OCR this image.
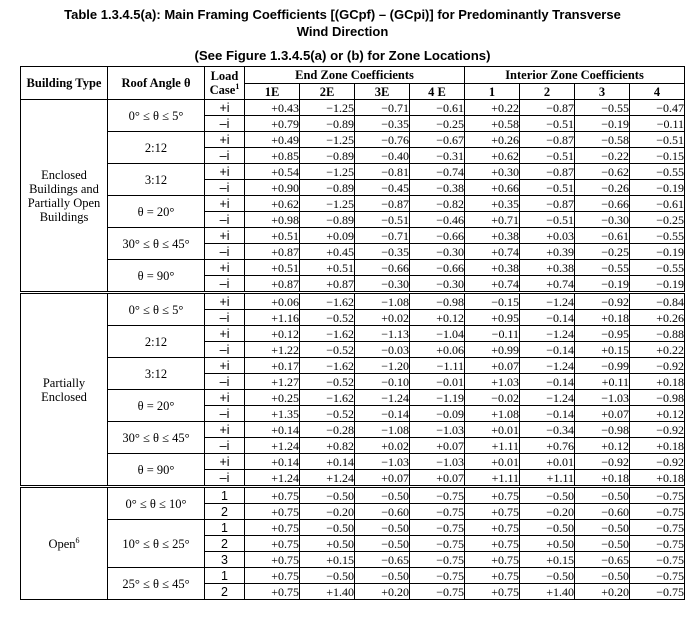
Table 1.3.4.5(a): Main Framing Coefficients [(GCpf) – (GCpi)] for Predominantly Transverse
Wind Direction
(See Figure 1.3.4.5(a) or (b) for Zone Locations)
Building Type	Roof Angle θ	Load Case$^1$	End Zone Coefficients				Interior Zone Coefficients			
			1E	2E	3E	4 E	1	2	3	4
Enclosed Buildings and Partially Open Buildings	0° ≤ θ ≤ 5°	+i	+0.43	−1.25	−0.71	−0.61	+0.22	−0.87	−0.55	−0.47
		–i	+0.79	−0.89	−0.35	−0.25	+0.58	−0.51	−0.19	−0.11
	2:12	+i	+0.49	−1.25	−0.76	−0.67	+0.26	−0.87	−0.58	−0.51
		–i	+0.85	−0.89	−0.40	−0.31	+0.62	−0.51	−0.22	−0.15
	3:12	+i	+0.54	−1.25	−0.81	−0.74	+0.30	−0.87	−0.62	−0.55
		–i	+0.90	−0.89	−0.45	−0.38	+0.66	−0.51	−0.26	−0.19
	θ = 20°	+i	+0.62	−1.25	−0.87	−0.82	+0.35	−0.87	−0.66	−0.61
		–i	+0.98	−0.89	−0.51	−0.46	+0.71	−0.51	−0.30	−0.25
	30° ≤ θ ≤ 45°	+i	+0.51	+0.09	−0.71	−0.66	+0.38	+0.03	−0.61	−0.55
		–i	+0.87	+0.45	−0.35	−0.30	+0.74	+0.39	−0.25	−0.19
	θ = 90°	+i	+0.51	+0.51	−0.66	−0.66	+0.38	+0.38	−0.55	−0.55
		–i	+0.87	+0.87	−0.30	−0.30	+0.74	+0.74	−0.19	−0.19
Partially Enclosed	0° ≤ θ ≤ 5°	+i	+0.06	−1.62	−1.08	−0.98	−0.15	−1.24	−0.92	−0.84
		–i	+1.16	−0.52	+0.02	+0.12	+0.95	−0.14	+0.18	+0.26
	2:12	+i	+0.12	−1.62	−1.13	−1.04	−0.11	−1.24	−0.95	−0.88
		–i	+1.22	−0.52	−0.03	+0.06	+0.99	−0.14	+0.15	+0.22
	3:12	+i	+0.17	−1.62	−1.20	−1.11	+0.07	−1.24	−0.99	−0.92
		–i	+1.27	−0.52	−0.10	−0.01	+1.03	−0.14	+0.11	+0.18
	θ = 20°	+i	+0.25	−1.62	−1.24	−1.19	−0.02	−1.24	−1.03	−0.98
		–i	+1.35	−0.52	−0.14	−0.09	+1.08	−0.14	+0.07	+0.12
	30° ≤ θ ≤ 45°	+i	+0.14	−0.28	−1.08	−1.03	+0.01	−0.34	−0.98	−0.92
		–i	+1.24	+0.82	+0.02	+0.07	+1.11	+0.76	+0.12	+0.18
	θ = 90°	+i	+0.14	+0.14	−1.03	−1.03	+0.01	+0.01	−0.92	−0.92
		–i	+1.24	+1.24	+0.07	+0.07	+1.11	+1.11	+0.18	+0.18
Open$^6$	0° ≤ θ ≤ 10°	1	+0.75	−0.50	−0.50	−0.75	+0.75	−0.50	−0.50	−0.75
		2	+0.75	−0.20	−0.60	−0.75	+0.75	−0.20	−0.60	−0.75
	10° ≤ θ ≤ 25°	1	+0.75	−0.50	−0.50	−0.75	+0.75	−0.50	−0.50	−0.75
		2	+0.75	+0.50	−0.50	−0.75	+0.75	+0.50	−0.50	−0.75
		3	+0.75	+0.15	−0.65	−0.75	+0.75	+0.15	−0.65	−0.75
	25° ≤ θ ≤ 45°	1	+0.75	−0.50	−0.50	−0.75	+0.75	−0.50	−0.50	−0.75
		2	+0.75	+1.40	+0.20	−0.75	+0.75	+1.40	+0.20	−0.75
